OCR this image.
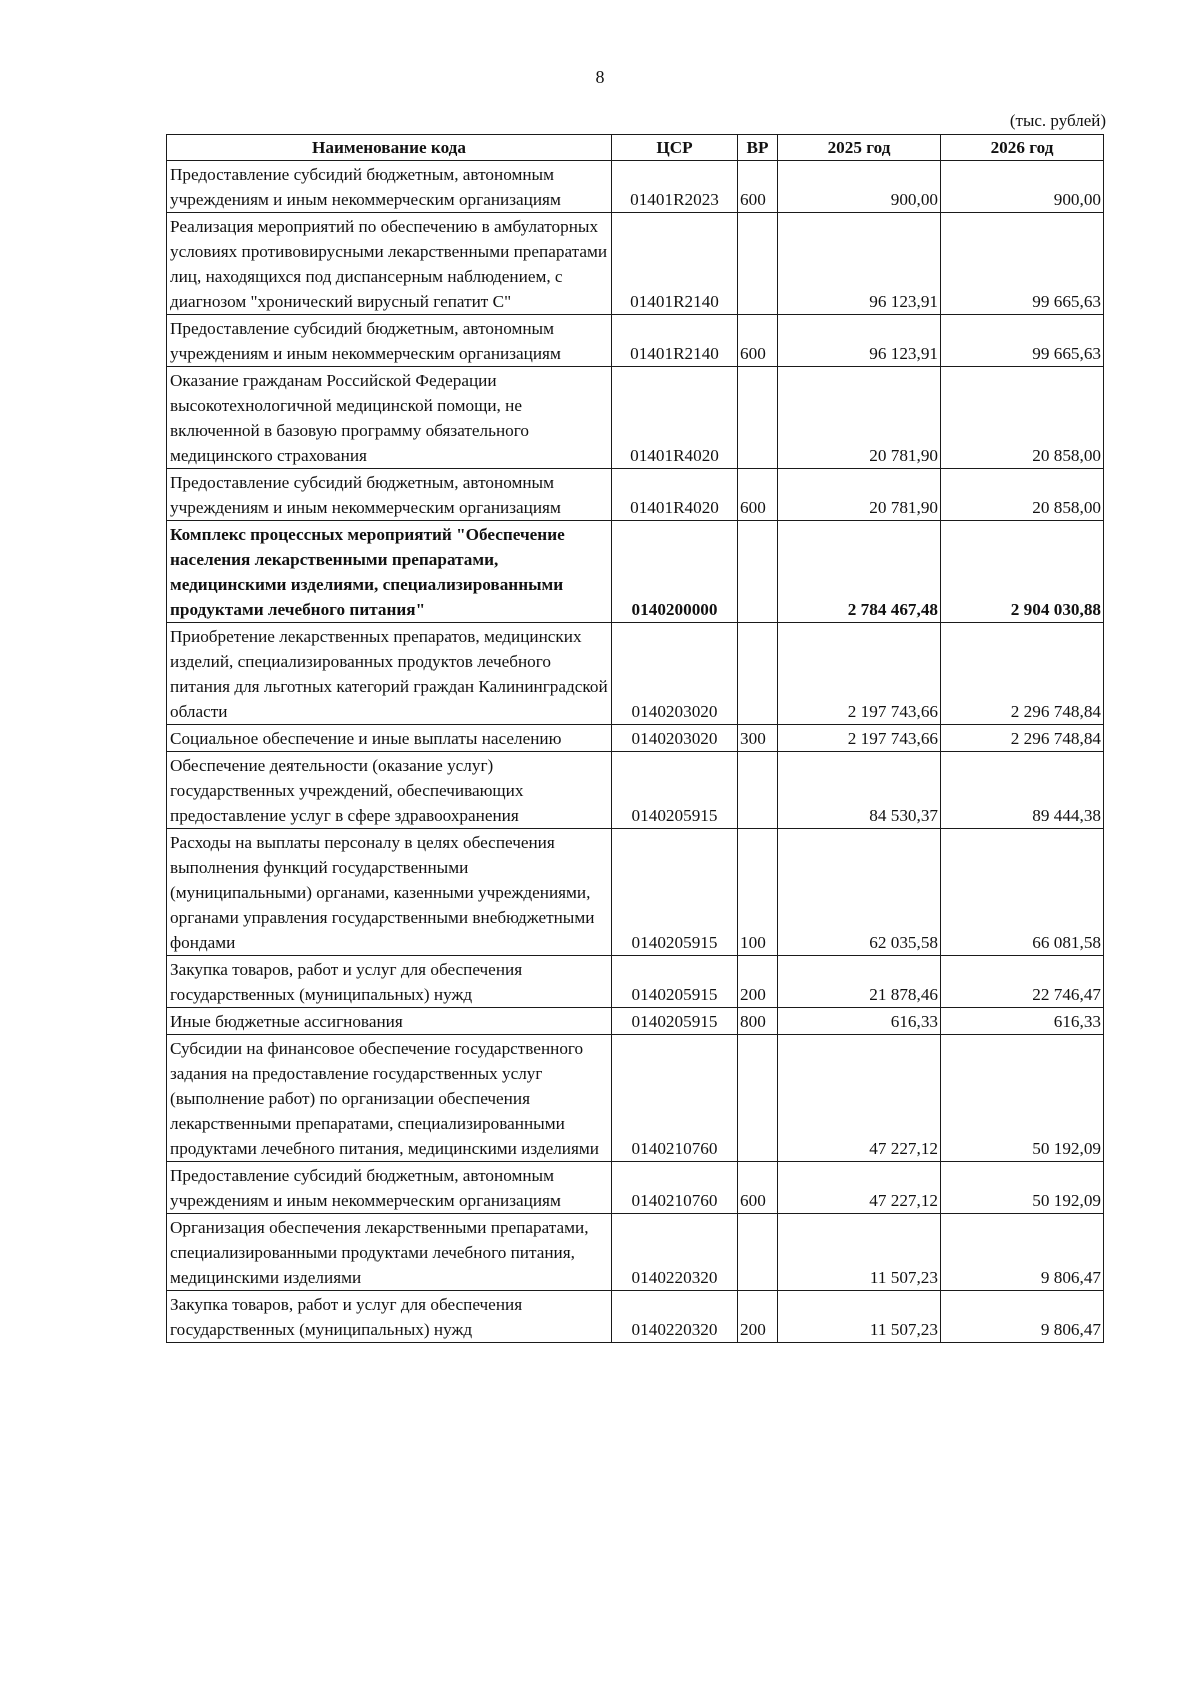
8
(тыс. рублей)
Наименование кода	ЦСР	ВР	2025 год	2026 год
Предоставление субсидий бюджетным, автономным учреждениям и иным некоммерческим организациям	01401R2023	600	900,00	900,00
Реализация мероприятий по обеспечению в амбулаторных условиях противовирусными лекарственными препаратами лиц, находящихся под диспансерным наблюдением, с диагнозом "хронический вирусный гепатит C"	01401R2140		96 123,91	99 665,63
Предоставление субсидий бюджетным, автономным учреждениям и иным некоммерческим организациям	01401R2140	600	96 123,91	99 665,63
Оказание гражданам Российской Федерации высокотехнологичной медицинской помощи, не включенной в базовую программу обязательного медицинского страхования	01401R4020		20 781,90	20 858,00
Предоставление субсидий бюджетным, автономным учреждениям и иным некоммерческим организациям	01401R4020	600	20 781,90	20 858,00
Комплекс процессных мероприятий "Обеспечение населения лекарственными препаратами, медицинскими изделиями, специализированными продуктами лечебного питания"	0140200000		2 784 467,48	2 904 030,88
Приобретение лекарственных препаратов, медицинских изделий, специализированных продуктов лечебного питания для льготных категорий граждан Калининградской области	0140203020		2 197 743,66	2 296 748,84
Социальное обеспечение и иные выплаты населению	0140203020	300	2 197 743,66	2 296 748,84
Обеспечение деятельности (оказание услуг) государственных учреждений, обеспечивающих предоставление услуг в сфере здравоохранения	0140205915		84 530,37	89 444,38
Расходы на выплаты персоналу в целях обеспечения выполнения функций государственными (муниципальными) органами, казенными учреждениями, органами управления государственными внебюджетными фондами	0140205915	100	62 035,58	66 081,58
Закупка товаров, работ и услуг для обеспечения государственных (муниципальных) нужд	0140205915	200	21 878,46	22 746,47
Иные бюджетные ассигнования	0140205915	800	616,33	616,33
Субсидии на финансовое обеспечение государственного задания на предоставление государственных услуг (выполнение работ) по организации обеспечения лекарственными препаратами, специализированными продуктами лечебного питания, медицинскими изделиями	0140210760		47 227,12	50 192,09
Предоставление субсидий бюджетным, автономным учреждениям и иным некоммерческим организациям	0140210760	600	47 227,12	50 192,09
Организация обеспечения лекарственными препаратами, специализированными продуктами лечебного питания, медицинскими изделиями	0140220320		11 507,23	9 806,47
Закупка товаров, работ и услуг для обеспечения государственных (муниципальных) нужд	0140220320	200	11 507,23	9 806,47
